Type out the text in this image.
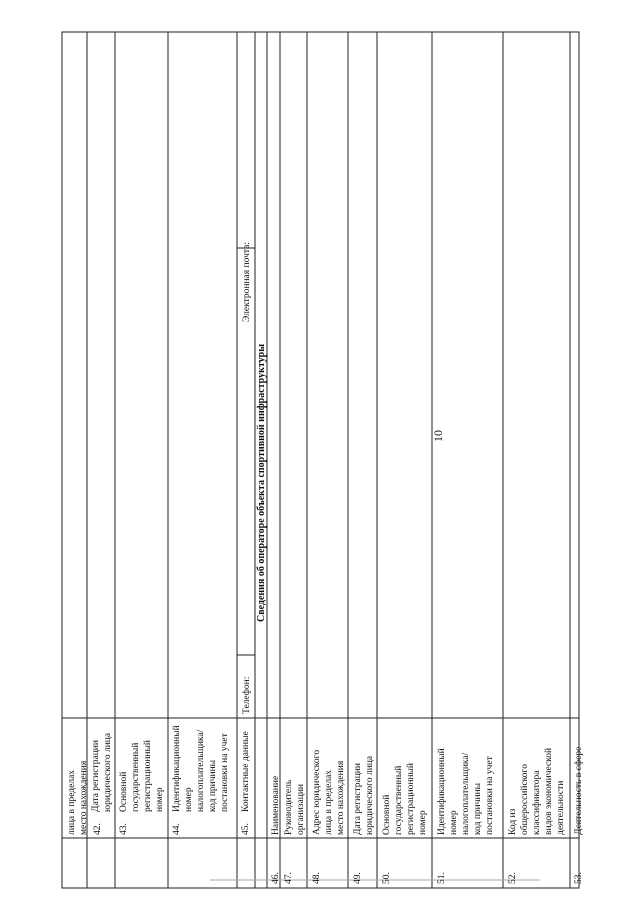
10
лица в пределах
место нахождения
42.
Дата регистрации
юридического лица
43.
Основной
государственный
регистрационный
номер
44.
Идентификационный
номер
налогоплательщика/
код причины
постановки на учет
45.
Контактные данные
Телефон:
Электронная почта:
Сведения об операторе объекта спортивной инфраструктуры
46.
Наименование
47.
Руководитель
организации
48.
Адрес юридического
лица в пределах
место нахождения
49.
Дата регистрации
юридического лица
50.
Основной
государственный
регистрационный
номер
51.
Идентификационный
номер
налогоплательщика/
код причины
постановки на учет
52.
Код из
общероссийского
классификатора
видов экономической
деятельности
53.
Деятельность в сфере
